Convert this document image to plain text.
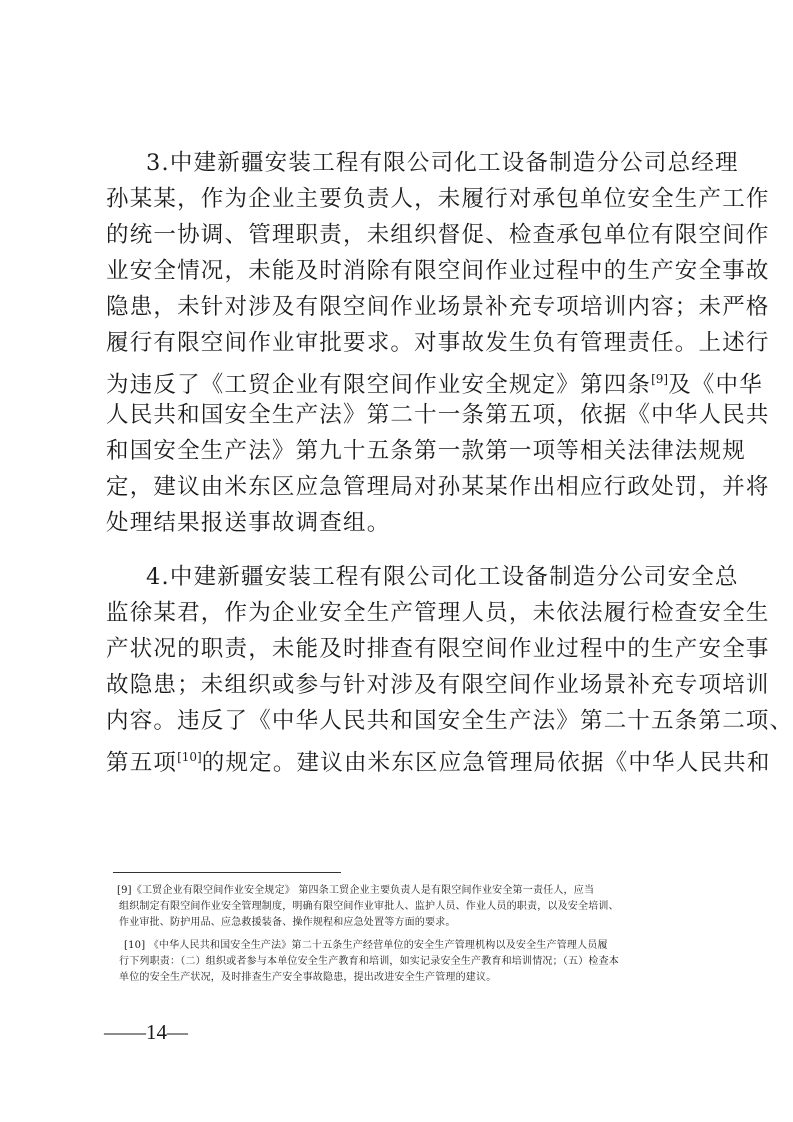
3.中建新疆安装工程有限公司化工设备制造分公司总经理
孙某某，作为企业主要负责人，未履行对承包单位安全生产工作
的统一协调、管理职责，未组织督促、检查承包单位有限空间作
业安全情况，未能及时消除有限空间作业过程中的生产安全事故
隐患，未针对涉及有限空间作业场景补充专项培训内容；未严格
履行有限空间作业审批要求。对事故发生负有管理责任。上述行
为违反了《工贸企业有限空间作业安全规定》第四条[9]及《中华
人民共和国安全生产法》第二十一条第五项，依据《中华人民共
和国安全生产法》第九十五条第一款第一项等相关法律法规规
定，建议由米东区应急管理局对孙某某作出相应行政处罚，并将
处理结果报送事故调查组。
4.中建新疆安装工程有限公司化工设备制造分公司安全总
监徐某君，作为企业安全生产管理人员，未依法履行检查安全生
产状况的职责，未能及时排查有限空间作业过程中的生产安全事
故隐患；未组织或参与针对涉及有限空间作业场景补充专项培训
内容。违反了《中华人民共和国安全生产法》第二十五条第二项、
第五项[10]的规定。建议由米东区应急管理局依据《中华人民共和
[9]《工贸企业有限空间作业安全规定》 第四条工贸企业主要负责人是有限空间作业安全第一责任人，应当
组织制定有限空间作业安全管理制度，明确有限空间作业审批人、监护人员、作业人员的职责，以及安全培训、
作业审批、防护用品、应急救援装备、操作规程和应急处置等方面的要求。
[10] 《中华人民共和国安全生产法》第二十五条生产经营单位的安全生产管理机构以及安全生产管理人员履
行下列职责：（二）组织或者参与本单位安全生产教育和培训，如实记录安全生产教育和培训情况；（五）检查本
单位的安全生产状况，及时排查生产安全事故隐患，提出改进安全生产管理的建议。
——14—
